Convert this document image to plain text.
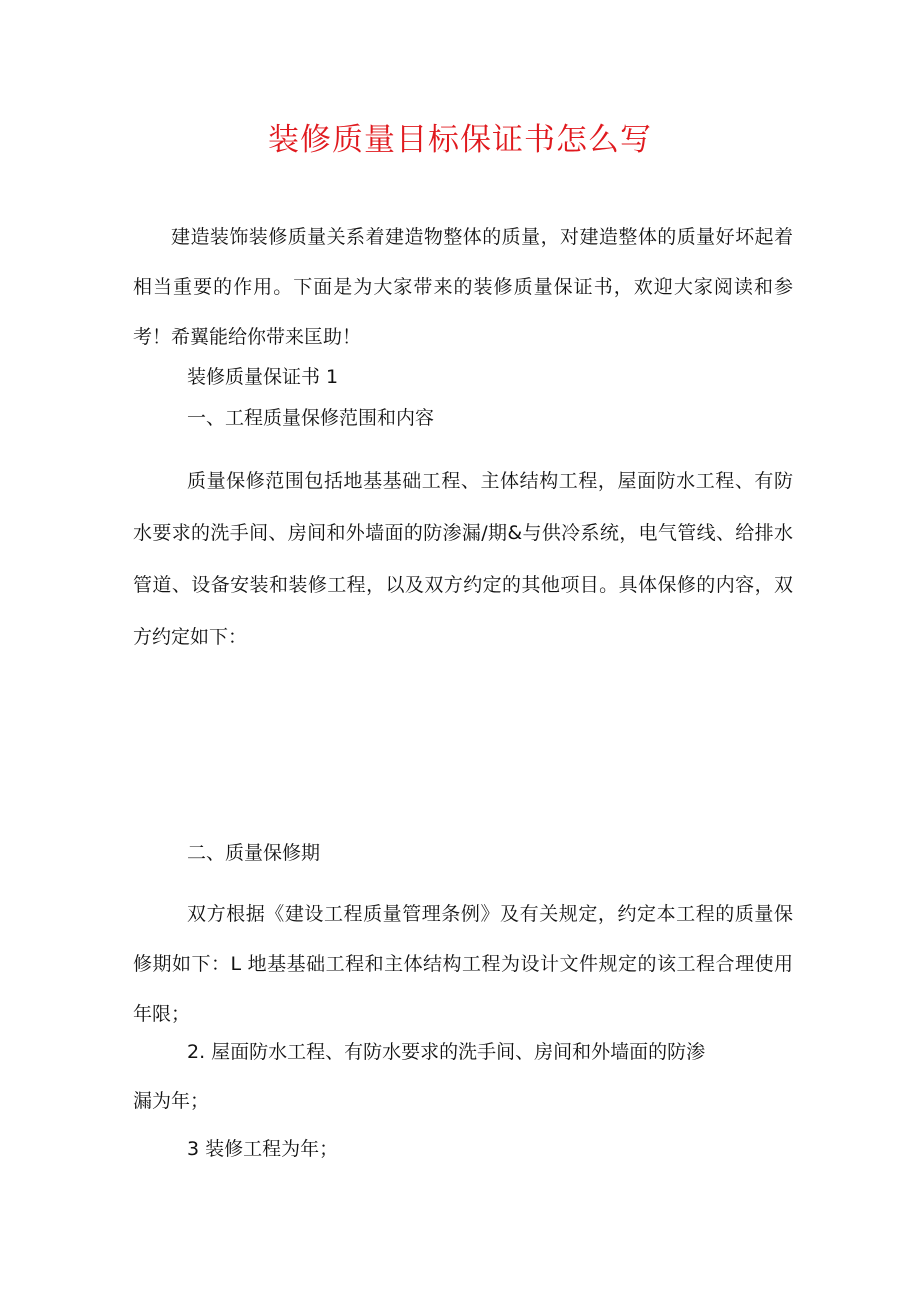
装修质量目标保证书怎么写

建造装饰装修质量关系着建造物整体的质量，对建造整体的质量好坏起着相当重要的作用。下面是为大家带来的装修质量保证书，欢迎大家阅读和参考！希翼能给你带来匡助！

装修质量保证书 1

一、工程质量保修范围和内容

质量保修范围包括地基基础工程、主体结构工程，屋面防水工程、有防水要求的洗手间、房间和外墙面的防渗漏/期&与供冷系统，电气管线、给排水管道、设备安装和装修工程，以及双方约定的其他项目。具体保修的内容，双方约定如下：

二、质量保修期

双方根据《建设工程质量管理条例》及有关规定，约定本工程的质量保修期如下：L 地基基础工程和主体结构工程为设计文件规定的该工程合理使用年限；

2. 屋面防水工程、有防水要求的洗手间、房间和外墙面的防渗

漏为年；

3 装修工程为年；
